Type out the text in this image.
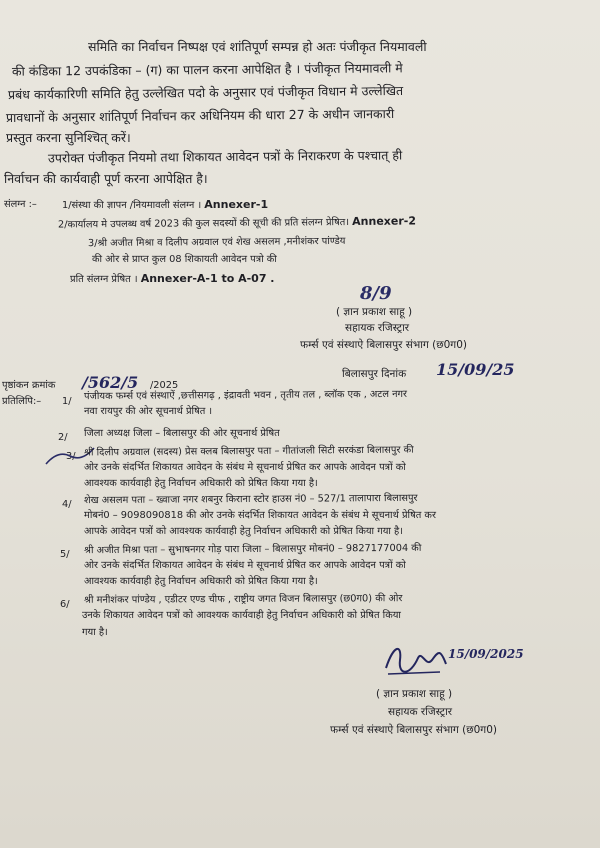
समिति का निर्वाचन निष्पक्ष एवं शांतिपूर्ण सम्पन्न हो अतः पंजीकृत नियमावली
की कंडिका 12 उपकंडिका – (ग) का पालन करना आपेक्षित है । पंजीकृत नियमावली मे
प्रबंध कार्यकारिणी समिति हेतु उल्लेखित पदो के अनुसार एवं पंजीकृत विधान मे उल्लेखित
प्रावधानों के अनुसार शांतिपूर्ण निर्वाचन कर अधिनियम की धारा 27 के अधीन जानकारी
प्रस्तुत करना सुनिश्चित् करें।
उपरोक्त पंजीकृत नियमो तथा शिकायत आवेदन पत्रों के निराकरण के पश्चात् ही
निर्वाचन की कार्यवाही पूर्ण करना आपेक्षित है।
संलग्न :–	1/संस्था की ज्ञापन /नियमावली संलग्न । Annexer-1
2/कार्यालय मे उपलब्ध वर्ष 2023 की कुल सदस्यों की सूची की प्रति संलग्न प्रेषित। Annexer-2
3/श्री अजीत मिश्रा व दिलीप अग्रवाल एवं शेख असलम ,मनीशंकर पांण्डेय
की ओर से प्राप्त कुल 08 शिकायती आवेदन पत्रो की
प्रति संलग्न प्रेषित । Annexer-A-1 to A-07 .
8/9
( ज्ञान प्रकाश साहू )
सहायक रजिस्ट्रार
फर्म्स एवं संस्थाऐ बिलासपुर संभाग (छ0ग0)
पृष्ठांकन क्रमांक /562/5 /2025
बिलासपुर दिनांक 15/09/25
प्रतिलिपि:– 1/ पंजीयक फर्म्स एवं संस्थाऐं ,छत्तीसगढ़ , इंद्रावती भवन , तृतीय तल , ब्लॉक एक , अटल नगर
नवा रायपुर की ओर सूचनार्थ प्रेषित ।
2/ जिला अध्यक्ष जिला – बिलासपुर की ओर सूचनार्थ प्रेषित
3/ श्री दिलीप अग्रवाल (सदस्य) प्रेस क्लब बिलासपुर पता – गीतांजली सिटी सरकंडा बिलासपुर की
ओर उनके संदर्भित शिकायत आवेदन के संबंध मे सूचनार्थ प्रेषित कर आपके आवेदन पत्रों को
आवश्यक कार्यवाही हेतु निर्वाचन अधिकारी को प्रेषित किया गया है।
4/ शेख असलम पता – ख्वाजा नगर शबनुर किराना स्टोर हाउस नं0 – 527/1 तालापारा बिलासपुर
मोबनं0 – 9098090818 की ओर उनके संदर्भित शिकायत आवेदन के संबंध मे सूचनार्थ प्रेषित कर
आपके आवेदन पत्रों को आवश्यक कार्यवाही हेतु निर्वाचन अधिकारी को प्रेषित किया गया है।
5/ श्री अजीत मिश्रा पता – सुभाषनगर गोड़ पारा जिला – बिलासपुर मोबनं0 – 9827177004 की
ओर उनके संदर्भित शिकायत आवेदन के संबंध मे सूचनार्थ प्रेषित कर आपके आवेदन पत्रों को
आवश्यक कार्यवाही हेतु निर्वाचन अधिकारी को प्रेषित किया गया है।
6/ श्री मनीशंकर पांण्डेय , एडीटर एण्ड चीफ , राष्ट्रीय जगत विजन बिलासपुर (छ0ग0) की ओर
उनके शिकायत आवेदन पत्रों को आवश्यक कार्यवाही हेतु निर्वाचन अधिकारी को प्रेषित किया
गया है।
15/09/2025
( ज्ञान प्रकाश साहू )
सहायक रजिस्ट्रार
फर्म्स एवं संस्थाऐ बिलासपुर संभाग (छ0ग0)
